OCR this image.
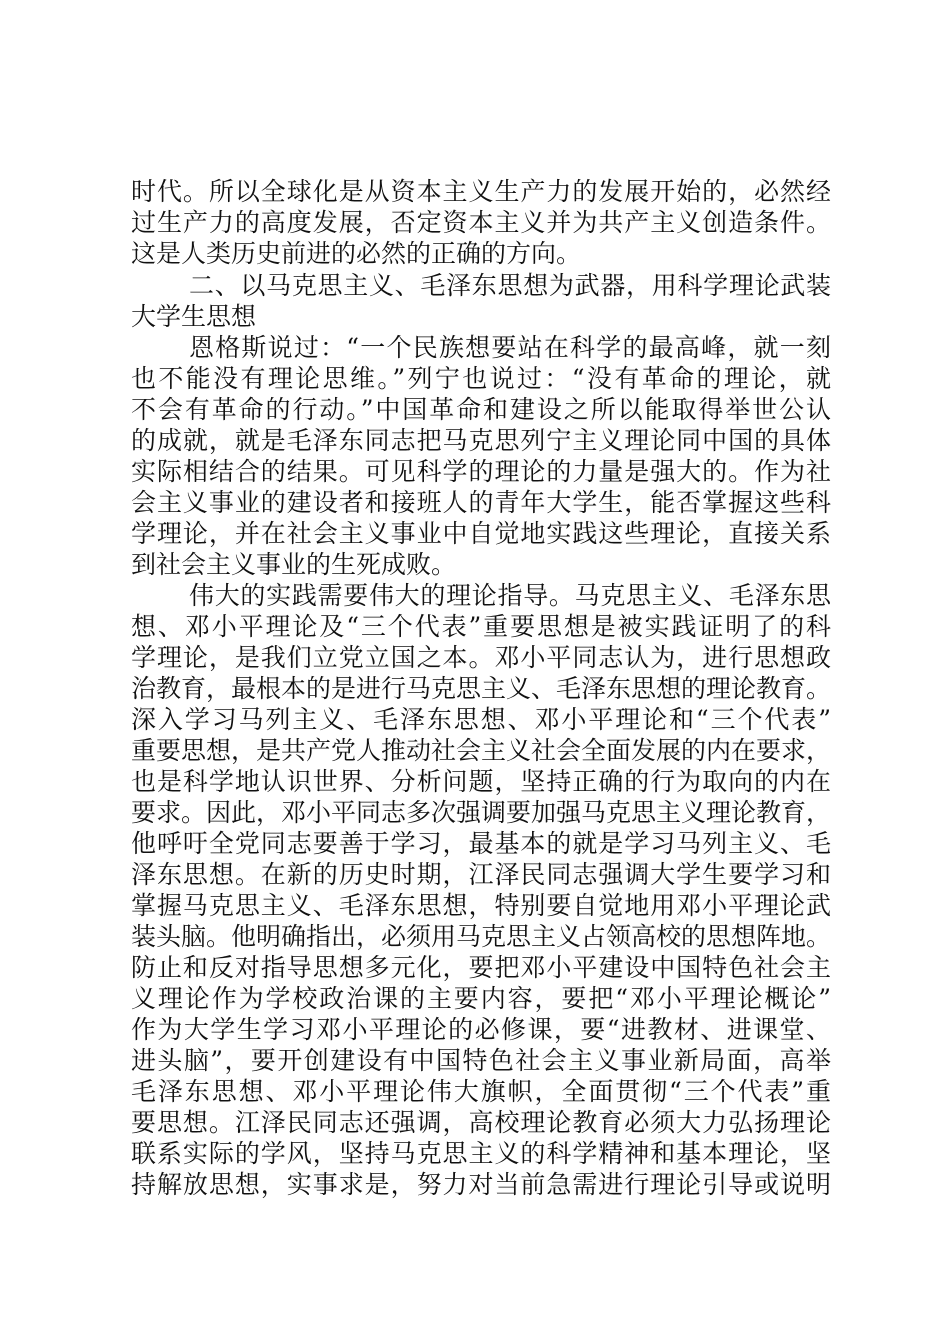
时代。所以全球化是从资本主义生产力的发展开始的，必然经
过生产力的高度发展，否定资本主义并为共产主义创造条件。
这是人类历史前进的必然的正确的方向。
二、以马克思主义、毛泽东思想为武器，用科学理论武装
大学生思想
恩格斯说过：“一个民族想要站在科学的最高峰，就一刻
也不能没有理论思维。”列宁也说过：“没有革命的理论，就
不会有革命的行动。”中国革命和建设之所以能取得举世公认
的成就，就是毛泽东同志把马克思列宁主义理论同中国的具体
实际相结合的结果。可见科学的理论的力量是强大的。作为社
会主义事业的建设者和接班人的青年大学生，能否掌握这些科
学理论，并在社会主义事业中自觉地实践这些理论，直接关系
到社会主义事业的生死成败。
伟大的实践需要伟大的理论指导。马克思主义、毛泽东思
想、邓小平理论及“三个代表”重要思想是被实践证明了的科
学理论，是我们立党立国之本。邓小平同志认为，进行思想政
治教育，最根本的是进行马克思主义、毛泽东思想的理论教育。
深入学习马列主义、毛泽东思想、邓小平理论和“三个代表”
重要思想，是共产党人推动社会主义社会全面发展的内在要求，
也是科学地认识世界、分析问题，坚持正确的行为取向的内在
要求。因此，邓小平同志多次强调要加强马克思主义理论教育，
他呼吁全党同志要善于学习，最基本的就是学习马列主义、毛
泽东思想。在新的历史时期，江泽民同志强调大学生要学习和
掌握马克思主义、毛泽东思想，特别要自觉地用邓小平理论武
装头脑。他明确指出，必须用马克思主义占领高校的思想阵地。
防止和反对指导思想多元化，要把邓小平建设中国特色社会主
义理论作为学校政治课的主要内容，要把“邓小平理论概论”
作为大学生学习邓小平理论的必修课，要“进教材、进课堂、
进头脑”，要开创建设有中国特色社会主义事业新局面，高举
毛泽东思想、邓小平理论伟大旗帜，全面贯彻“三个代表”重
要思想。江泽民同志还强调，高校理论教育必须大力弘扬理论
联系实际的学风，坚持马克思主义的科学精神和基本理论，坚
持解放思想，实事求是，努力对当前急需进行理论引导或说明
